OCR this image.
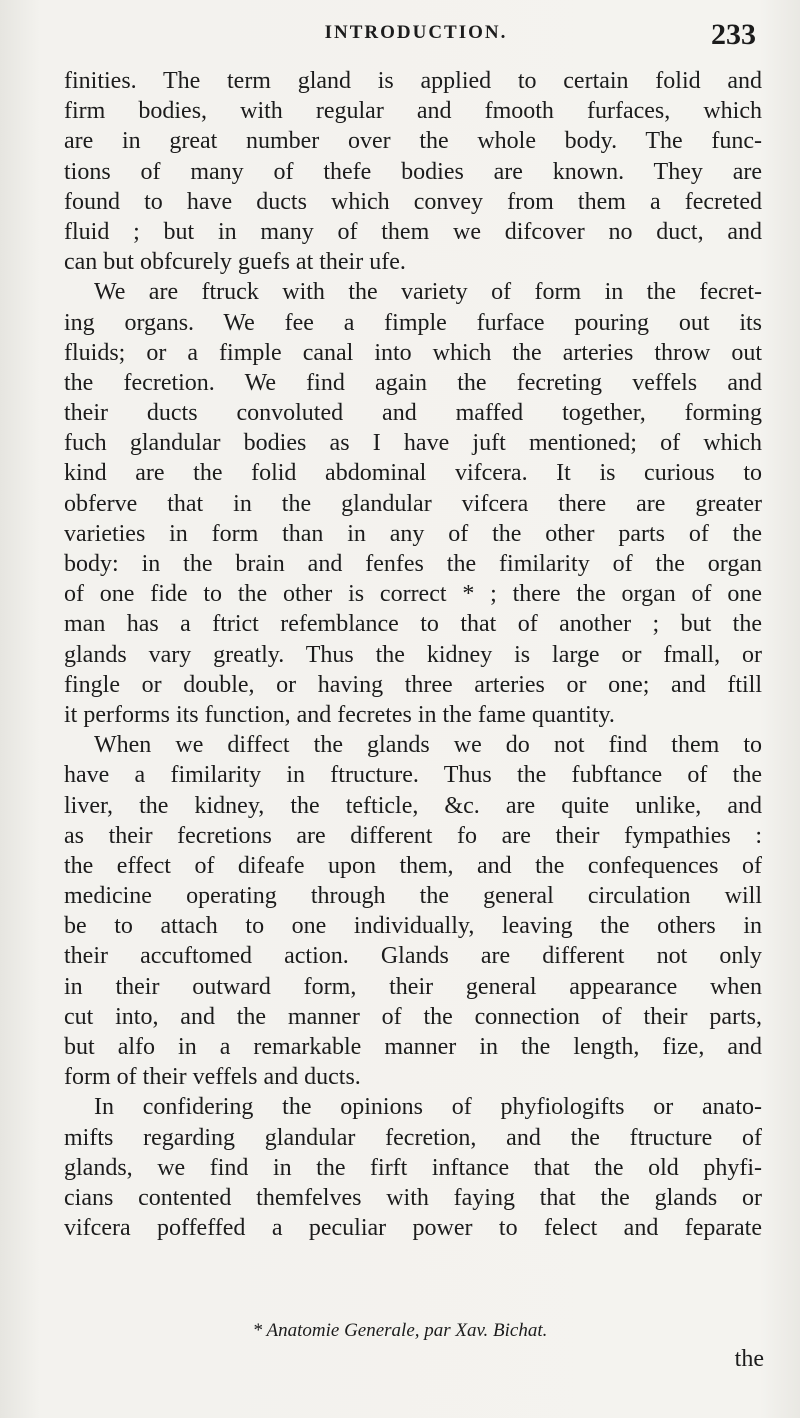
INTRODUCTION.	233
finities. The term gland is applied to certain folid and
firm bodies, with regular and fmooth furfaces, which
are in great number over the whole body. The func-
tions of many of thefe bodies are known. They are
found to have ducts which convey from them a fecreted
fluid ; but in many of them we difcover no duct, and
can but obfcurely guefs at their ufe.
We are ftruck with the variety of form in the fecret-
ing organs. We fee a fimple furface pouring out its
fluids; or a fimple canal into which the arteries throw out
the fecretion. We find again the fecreting veffels and
their ducts convoluted and maffed together, forming
fuch glandular bodies as I have juft mentioned; of which
kind are the folid abdominal vifcera. It is curious to
obferve that in the glandular vifcera there are greater
varieties in form than in any of the other parts of the
body: in the brain and fenfes the fimilarity of the organ
of one fide to the other is correct * ; there the organ of one
man has a ftrict refemblance to that of another ; but the
glands vary greatly. Thus the kidney is large or fmall, or
fingle or double, or having three arteries or one; and ftill
it performs its function, and fecretes in the fame quantity.
When we diffect the glands we do not find them to
have a fimilarity in ftructure. Thus the fubftance of the
liver, the kidney, the tefticle, &c. are quite unlike, and
as their fecretions are different fo are their fympathies :
the effect of difeafe upon them, and the confequences of
medicine operating through the general circulation will
be to attach to one individually, leaving the others in
their accuftomed action. Glands are different not only
in their outward form, their general appearance when
cut into, and the manner of the connection of their parts,
but alfo in a remarkable manner in the length, fize, and
form of their veffels and ducts.
In confidering the opinions of phyfiologifts or anato-
mifts regarding glandular fecretion, and the ftructure of
glands, we find in the firft inftance that the old phyfi-
cians contented themfelves with faying that the glands or
vifcera poffeffed a peculiar power to felect and feparate
* Anatomie Generale, par Xav. Bichat.
the
